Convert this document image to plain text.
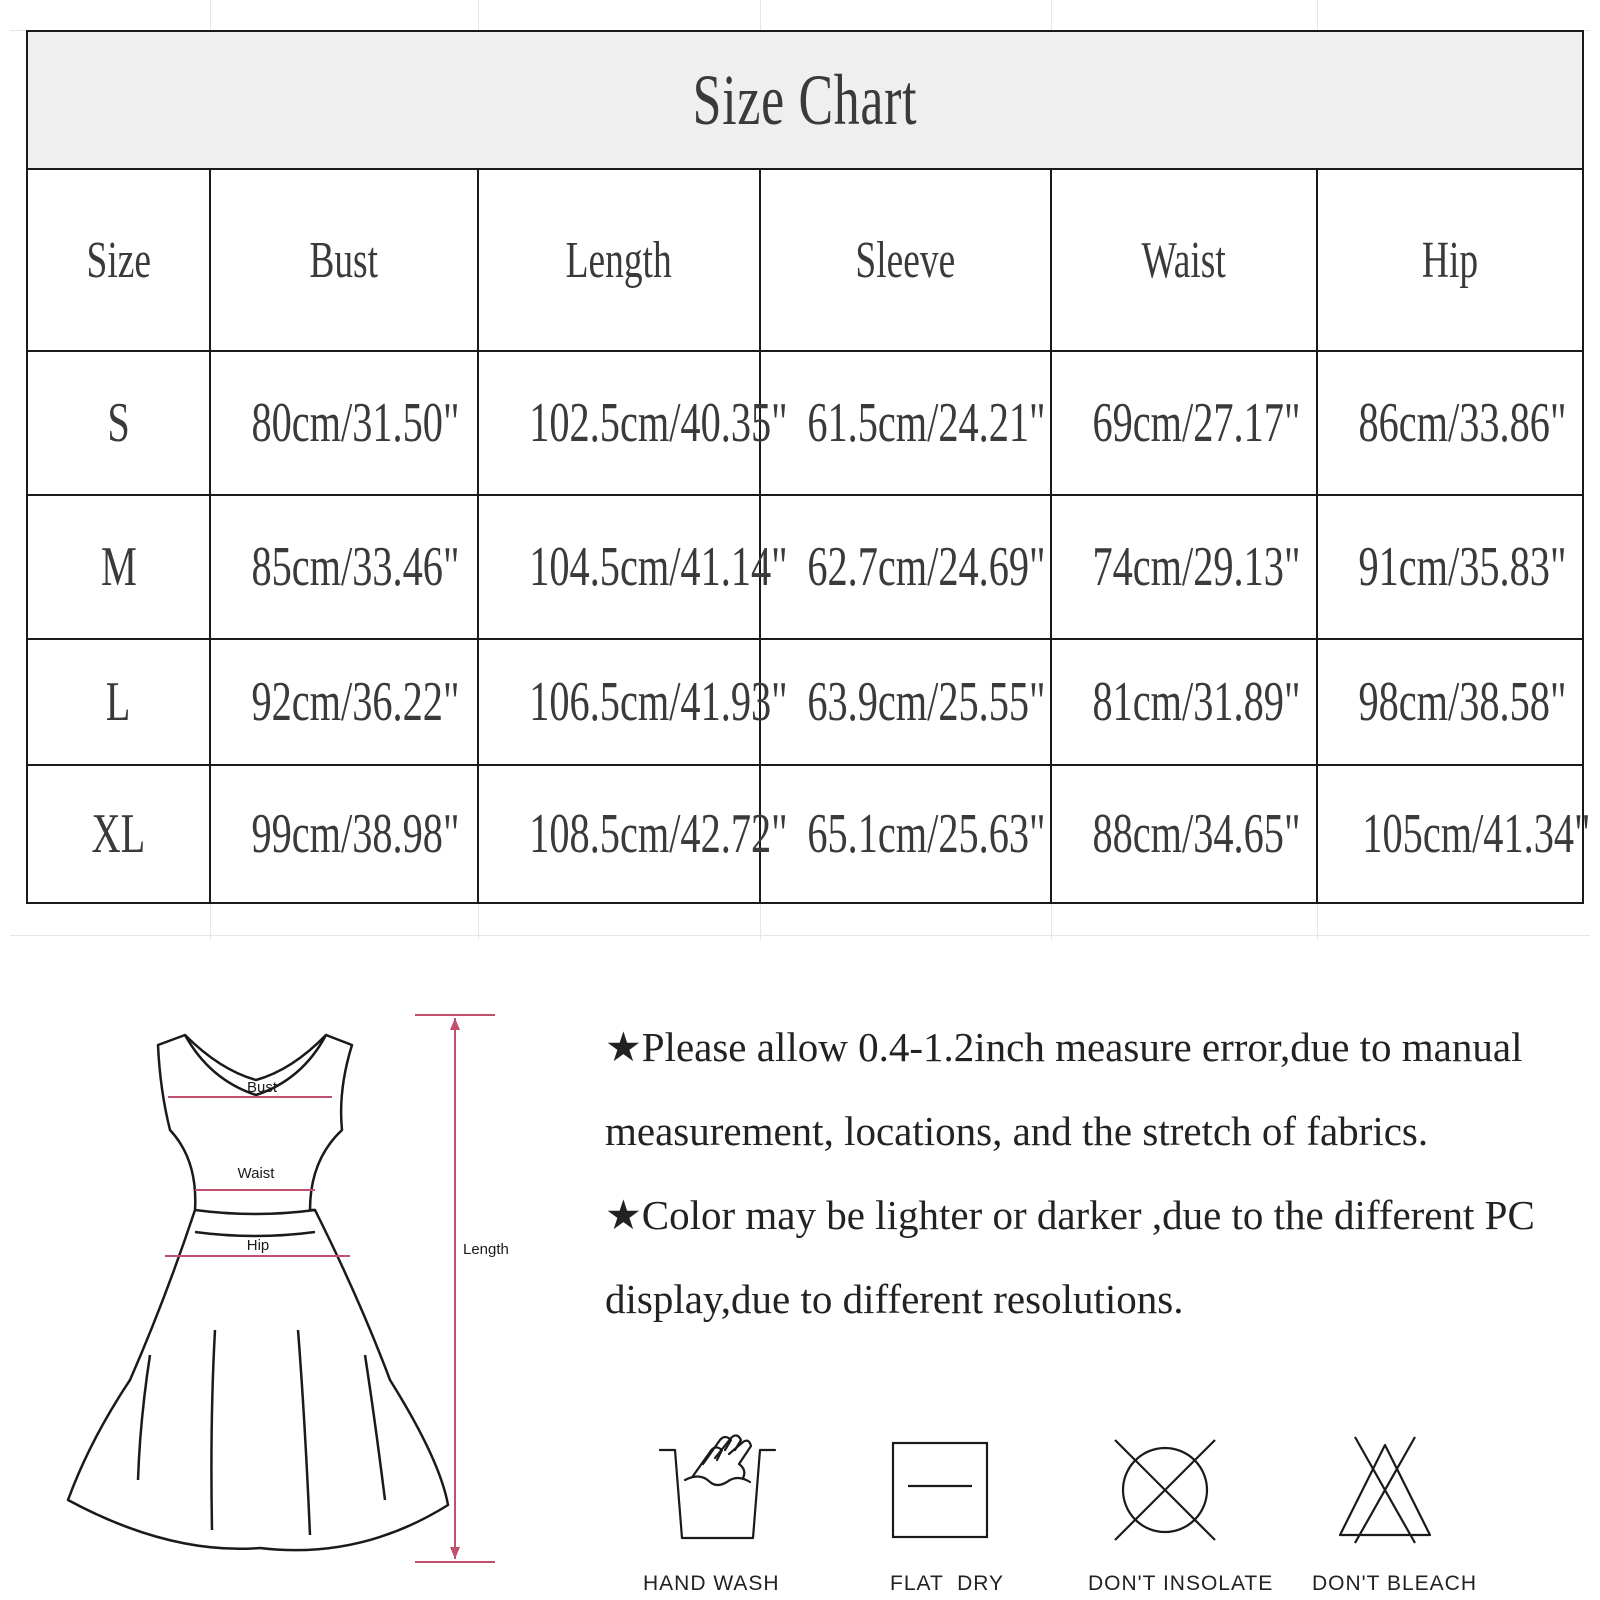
Size Chart					
Size	Bust	Length	Sleeve	Waist	Hip
S	80cm/31.50"	102.5cm/40.35"	61.5cm/24.21"	69cm/27.17"	86cm/33.86"
M	85cm/33.46"	104.5cm/41.14"	62.7cm/24.69"	74cm/29.13"	91cm/35.83"
L	92cm/36.22"	106.5cm/41.93"	63.9cm/25.55"	81cm/31.89"	98cm/38.58"
XL	99cm/38.98"	108.5cm/42.72"	65.1cm/25.63"	88cm/34.65"	105cm/41.34"
Bust
Waist
Hip	Length

★Please allow 0.4-1.2inch measure error,due to manual measurement, locations, and the stretch of fabrics.

★Color may be lighter or darker ,due to the different PC display,due to different resolutions.

HAND WASH	FLAT  DRY	DON'T INSOLATE DON'T BLEACH
